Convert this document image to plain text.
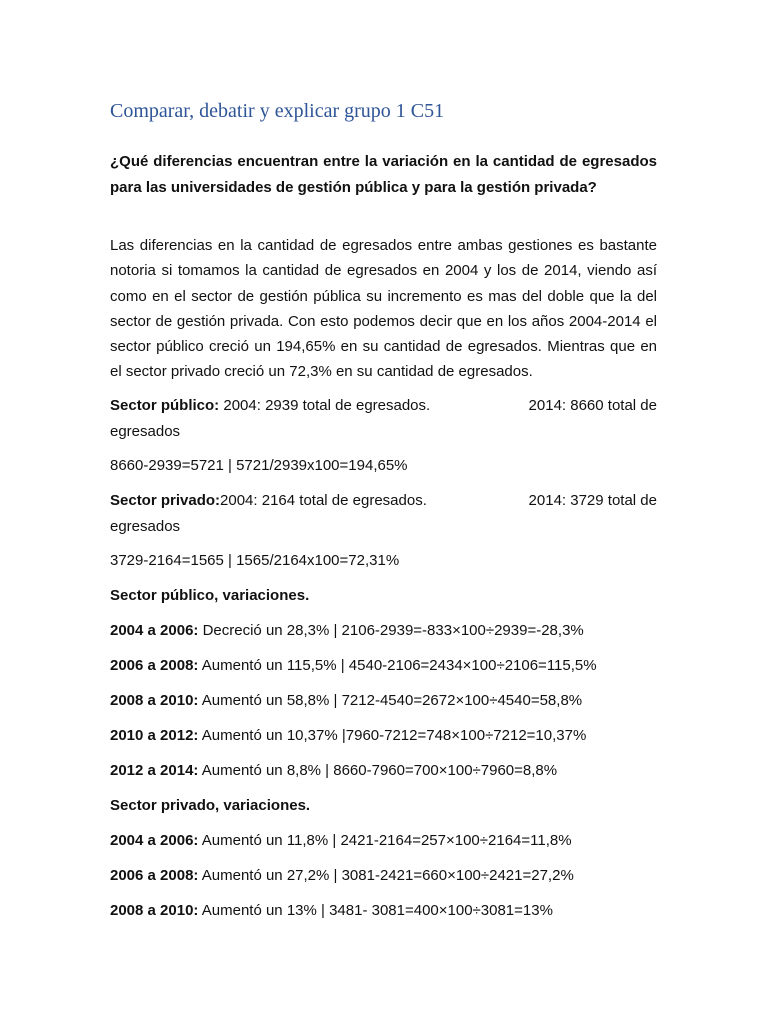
Comparar, debatir y explicar grupo 1 C51

¿Qué diferencias encuentran entre la variación en la cantidad de egresados para las universidades de gestión pública y para la gestión privada?

Las diferencias en la cantidad de egresados entre ambas gestiones es bastante notoria si tomamos la cantidad de egresados en 2004 y los de 2014, viendo así como en el sector de gestión pública su incremento es mas del doble que la del sector de gestión privada. Con esto podemos decir que en los años 2004-2014 el sector público creció un 194,65% en su cantidad de egresados. Mientras que en el sector privado creció un 72,3% en su cantidad de egresados.

Sector público: 2004: 2939 total de egresados.	2014: 8660 total de
egresados

8660-2939=5721 | 5721/2939x100=194,65%

Sector privado:2004: 2164 total de egresados.	2014: 3729 total de
egresados

3729-2164=1565 | 1565/2164x100=72,31%

Sector público, variaciones.

2004 a 2006: Decreció un 28,3% | 2106-2939=-833×100÷2939=-28,3%

2006 a 2008: Aumentó un 115,5% | 4540-2106=2434×100÷2106=115,5%

2008 a 2010: Aumentó un 58,8% | 7212-4540=2672×100÷4540=58,8%

2010 a 2012: Aumentó un 10,37% |7960-7212=748×100÷7212=10,37%

2012 a 2014: Aumentó un 8,8% | 8660-7960=700×100÷7960=8,8%

Sector privado, variaciones.

2004 a 2006: Aumentó un 11,8% | 2421-2164=257×100÷2164=11,8%

2006 a 2008: Aumentó un 27,2% | 3081-2421=660×100÷2421=27,2%

2008 a 2010: Aumentó un 13% | 3481- 3081=400×100÷3081=13%
